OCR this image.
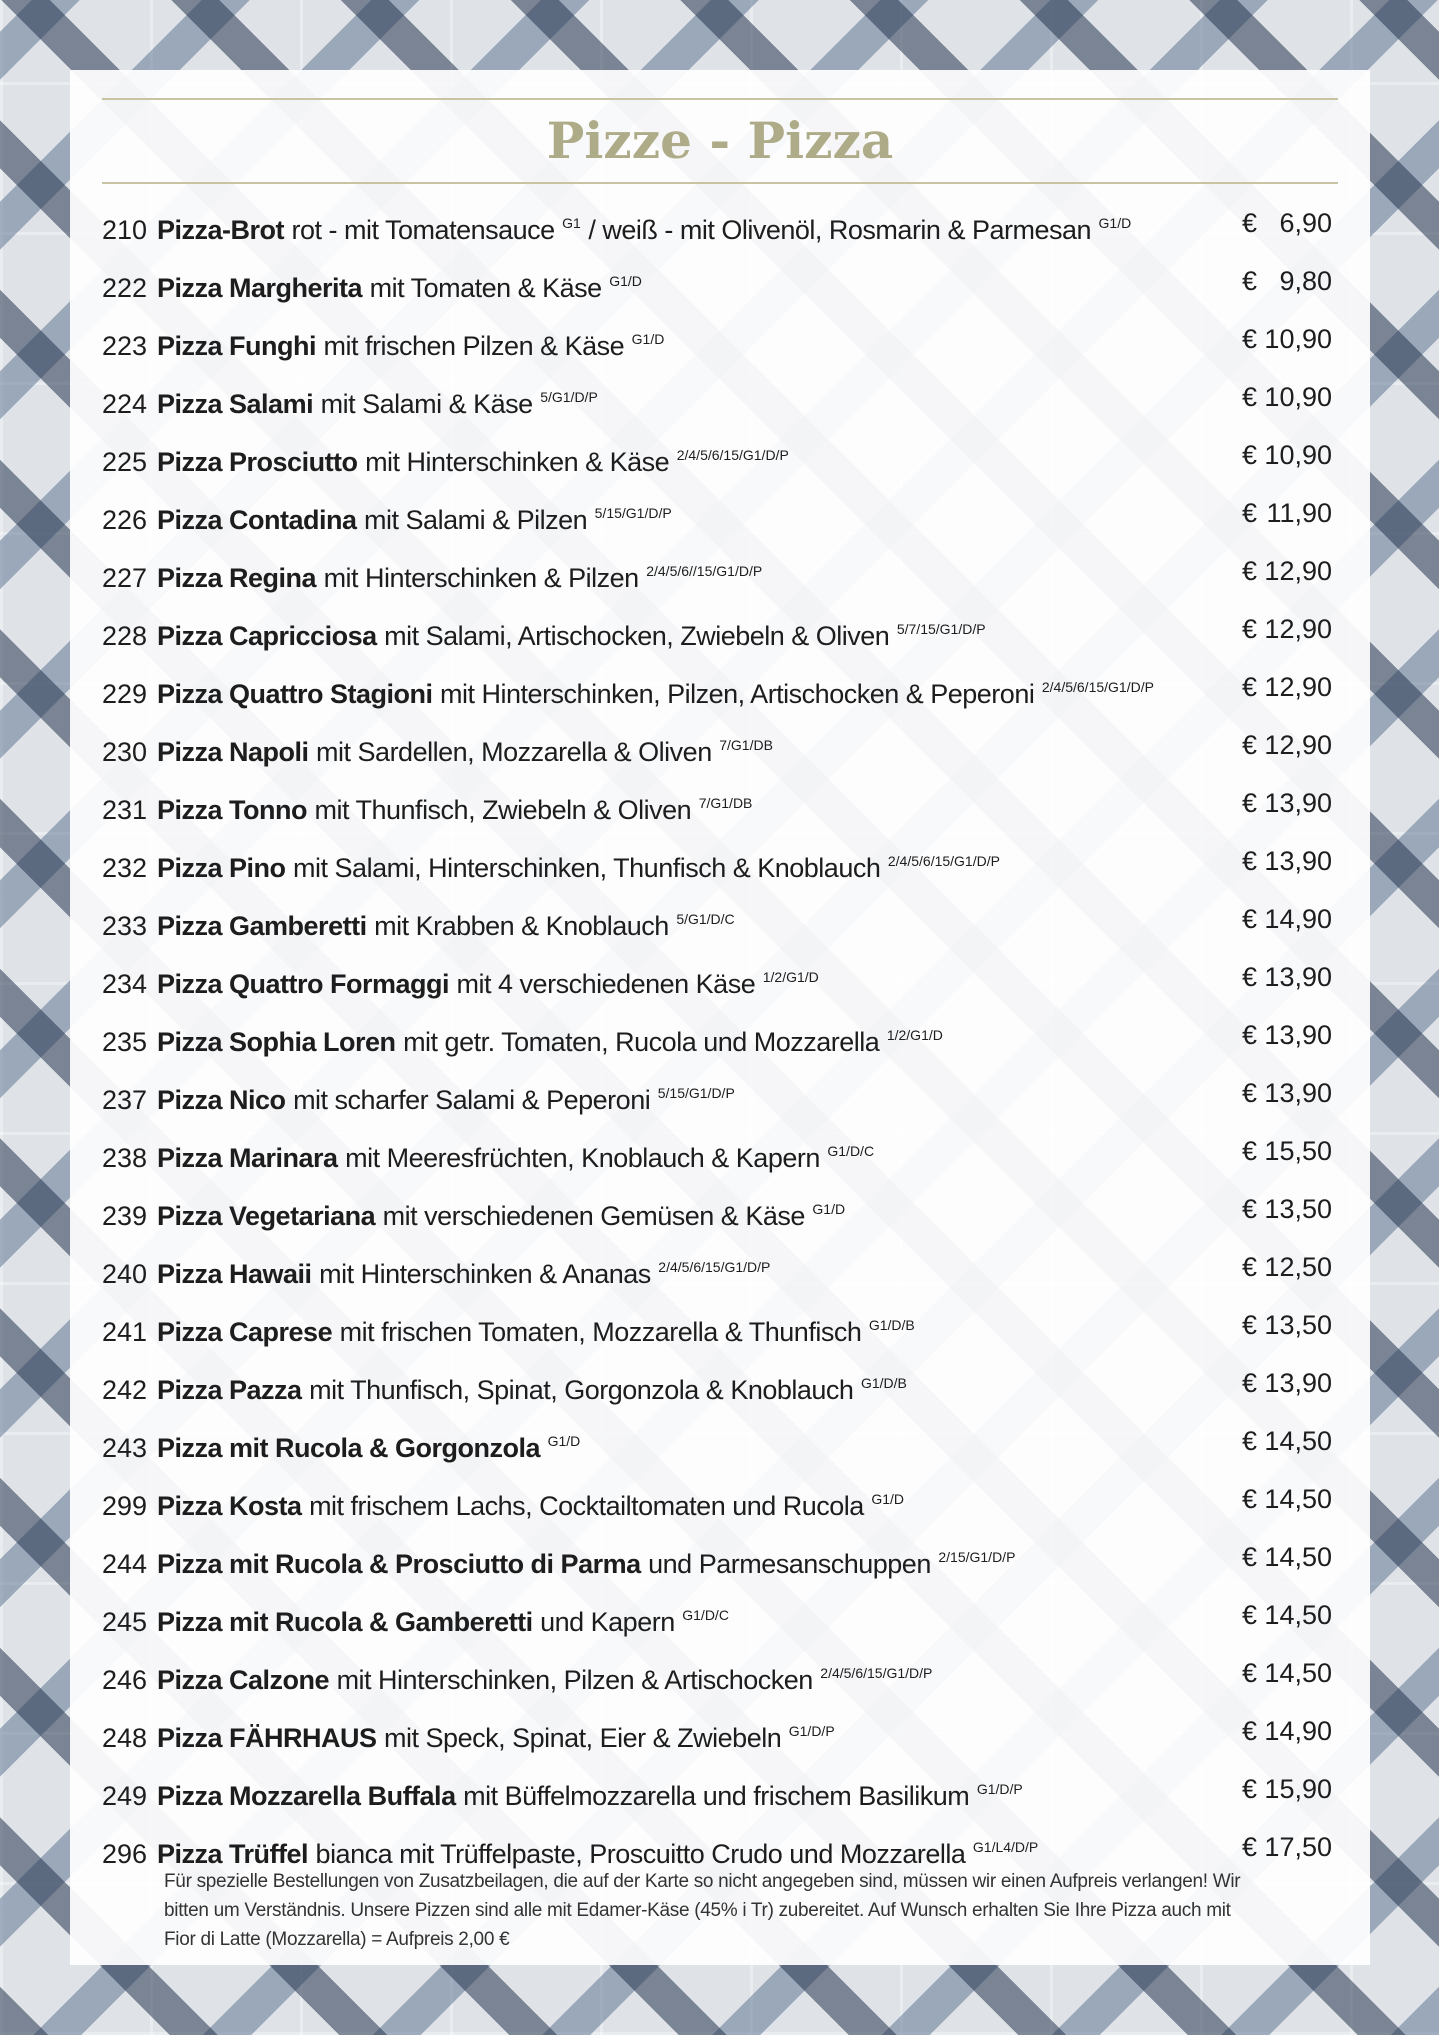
Pizze - Pizza
210 Pizza-Brot rot - mit Tomatensauce $^{G1}$ / weiß - mit Olivenöl, Rosmarin & Parmesan $^{G1/D}$	€ 6,90
222 Pizza Margherita mit Tomaten & Käse $^{G1/D}$	€ 9,80
223 Pizza Funghi mit frischen Pilzen & Käse $^{G1/D}$	€ 10,90
224 Pizza Salami mit Salami & Käse $^{5/G1/D/P}$	€ 10,90
225 Pizza Prosciutto mit Hinterschinken & Käse $^{2/4/5/6/15/G1/D/P}$	€ 10,90
226 Pizza Contadina mit Salami & Pilzen $^{5/15/G1/D/P}$	€ 11,90
227 Pizza Regina mit Hinterschinken & Pilzen $^{2/4/5/6//15/G1/D/P}$	€ 12,90
228 Pizza Capricciosa mit Salami, Artischocken, Zwiebeln & Oliven $^{5/7/15/G1/D/P}$	€ 12,90
229 Pizza Quattro Stagioni mit Hinterschinken, Pilzen, Artischocken & Peperoni $^{2/4/5/6/15/G1/D/P}$	€ 12,90
230 Pizza Napoli mit Sardellen, Mozzarella & Oliven $^{7/G1/DB}$	€ 12,90
231 Pizza Tonno mit Thunfisch, Zwiebeln & Oliven $^{7/G1/DB}$	€ 13,90
232 Pizza Pino mit Salami, Hinterschinken, Thunfisch & Knoblauch $^{2/4/5/6/15/G1/D/P}$	€ 13,90
233 Pizza Gamberetti mit Krabben & Knoblauch $^{5/G1/D/C}$	€ 14,90
234 Pizza Quattro Formaggi mit 4 verschiedenen Käse $^{1/2/G1/D}$	€ 13,90
235 Pizza Sophia Loren mit getr. Tomaten, Rucola und Mozzarella $^{1/2/G1/D}$	€ 13,90
237 Pizza Nico mit scharfer Salami & Peperoni $^{5/15/G1/D/P}$	€ 13,90
238 Pizza Marinara mit Meeresfrüchten, Knoblauch & Kapern $^{G1/D/C}$	€ 15,50
239 Pizza Vegetariana mit verschiedenen Gemüsen & Käse $^{G1/D}$	€ 13,50
240 Pizza Hawaii mit Hinterschinken & Ananas $^{2/4/5/6/15/G1/D/P}$	€ 12,50
241 Pizza Caprese mit frischen Tomaten, Mozzarella & Thunfisch $^{G1/D/B}$	€ 13,50
242 Pizza Pazza mit Thunfisch, Spinat, Gorgonzola & Knoblauch $^{G1/D/B}$	€ 13,90
243 Pizza mit Rucola & Gorgonzola $^{G1/D}$	€ 14,50
299 Pizza Kosta mit frischem Lachs, Cocktailtomaten und Rucola $^{G1/D}$	€ 14,50
244 Pizza mit Rucola & Prosciutto di Parma und Parmesanschuppen $^{2/15/G1/D/P}$	€ 14,50
245 Pizza mit Rucola & Gamberetti und Kapern $^{G1/D/C}$	€ 14,50
246 Pizza Calzone mit Hinterschinken, Pilzen & Artischocken $^{2/4/5/6/15/G1/D/P}$	€ 14,50
248 Pizza FÄHRHAUS mit Speck, Spinat, Eier & Zwiebeln $^{G1/D/P}$	€ 14,90
249 Pizza Mozzarella Buffala mit Büffelmozzarella und frischem Basilikum $^{G1/D/P}$	€ 15,90
296 Pizza Trüffel bianca mit Trüffelpaste, Proscuitto Crudo und Mozzarella $^{G1/L4/D/P}$	€ 17,50
Für spezielle Bestellungen von Zusatzbeilagen, die auf der Karte so nicht angegeben sind, müssen wir einen Aufpreis verlangen! Wir bitten um Verständnis. Unsere Pizzen sind alle mit Edamer-Käse (45% i Tr) zubereitet. Auf Wunsch erhalten Sie Ihre Pizza auch mit Fior di Latte (Mozzarella) = Aufpreis 2,00 €
